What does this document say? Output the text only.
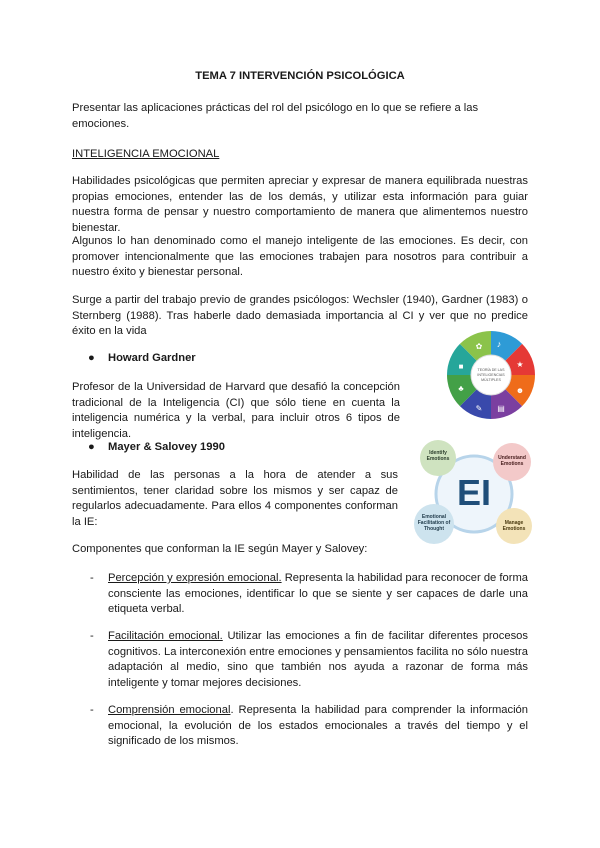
TEMA 7 INTERVENCIÓN PSICOLÓGICA

Presentar las aplicaciones prácticas del rol del psicólogo en lo que se refiere a las emociones.

INTELIGENCIA EMOCIONAL

Habilidades psicológicas que permiten apreciar y expresar de manera equilibrada nuestras propias emociones, entender las de los demás, y utilizar esta información para guiar nuestra forma de pensar y nuestro comportamiento de manera que alimentemos nuestro bienestar.

Algunos lo han denominado como el manejo inteligente de las emociones. Es decir, con promover intencionalmente que las emociones trabajen para nosotros para contribuir a nuestro éxito y bienestar personal.

Surge a partir del trabajo previo de grandes psicólogos: Wechsler (1940), Gardner (1983) o Sternberg (1988). Tras haberle dado demasiada importancia al CI y ver que no predice éxito en la vida

● Howard Gardner

Profesor de la Universidad de Harvard que desafió la concepción tradicional de la Inteligencia (CI) que sólo tiene en cuenta la inteligencia numérica y la verbal, para incluir otros 6 tipos de inteligencia.

TEORÍA DE LAS
INTELIGENCIAS
MÚLTIPLES
♪
★
☻
▤
✎
♣
■
✿
● Mayer & Salovey 1990

Habilidad de las personas a la hora de atender a sus sentimientos, tener claridad sobre los mismos y ser capaz de regularlos adecuadamente. Para ellos 4 componentes conforman la IE:

EI
Identify Emotions	Understand Emotions
Emotional Facilitation of Thought
Manage Emotions

Componentes que conforman la IE según Mayer y Salovey:

- Percepción y expresión emocional. Representa la habilidad para reconocer de forma consciente las emociones, identificar lo que se siente y ser capaces de darle una etiqueta verbal.

- Facilitación emocional. Utilizar las emociones a fin de facilitar diferentes procesos cognitivos. La interconexión entre emociones y pensamientos facilita no sólo nuestra adaptación al medio, sino que también nos ayuda a razonar de forma más inteligente y tomar mejores decisiones.

- Comprensión emocional. Representa la habilidad para comprender la información emocional, la evolución de los estados emocionales a través del tiempo y el significado de los mismos.
